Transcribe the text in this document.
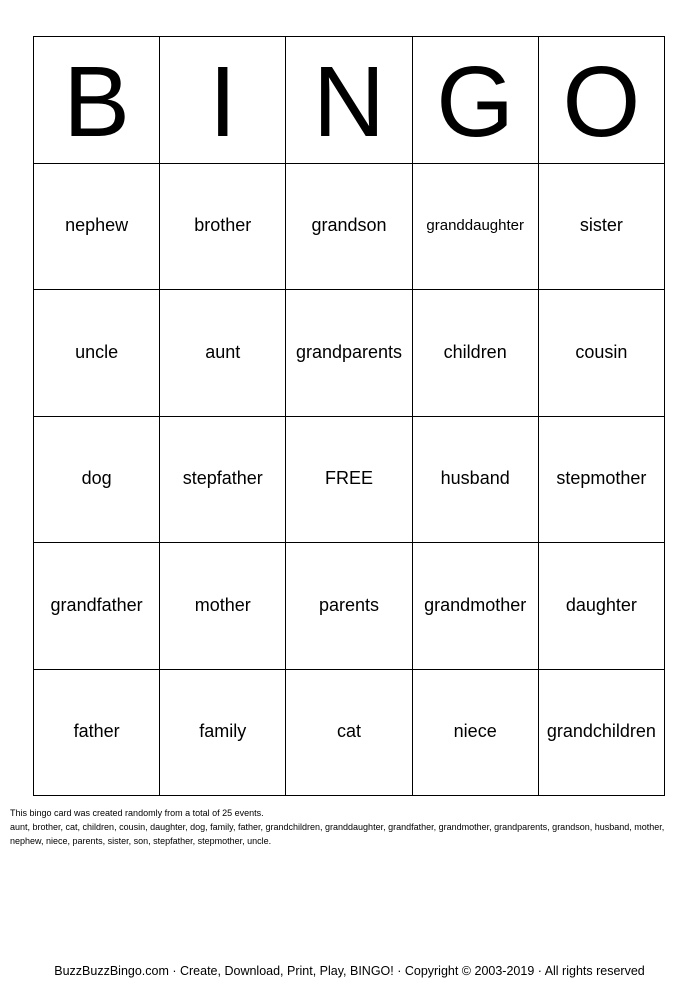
B I N G O
nephew	brother	grandson	granddaughter	sister
uncle	aunt	grandparents	children	cousin
dog	stepfather	FREE	husband	stepmother
grandfather	mother	parents	grandmother	daughter
father	family	cat	niece	grandchildren

This bingo card was created randomly from a total of 25 events.

aunt, brother, cat, children, cousin, daughter, dog, family, father, grandchildren, granddaughter, grandfather, grandmother, grandparents, grandson, husband, mother, nephew, niece, parents, sister, son, stepfather, stepmother, uncle.

BuzzBuzzBingo.com · Create, Download, Print, Play, BINGO! · Copyright © 2003-2019 · All rights reserved
